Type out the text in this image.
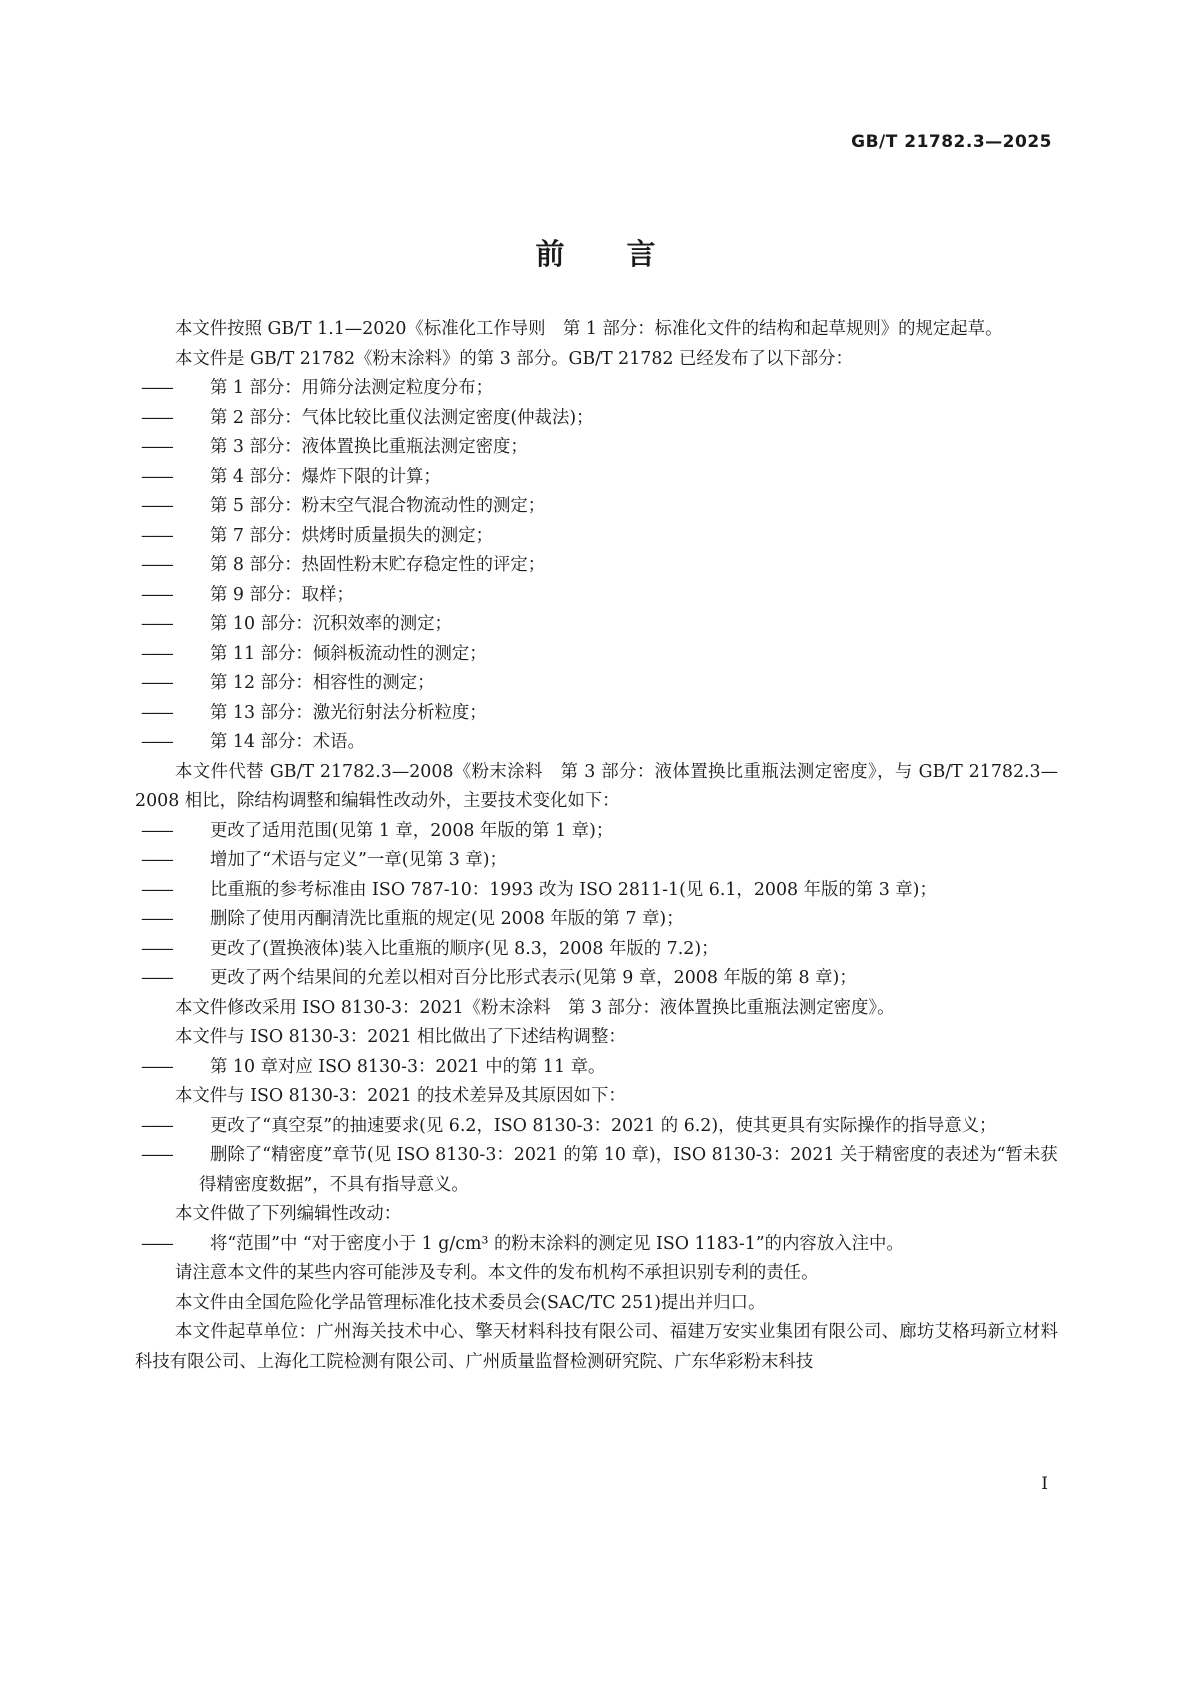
GB/T 21782.3—2025
前言

本文件按照 GB/T 1.1—2020《标准化工作导则　第 1 部分：标准化文件的结构和起草规则》的规定起草。

本文件是 GB/T 21782《粉末涂料》的第 3 部分。GB/T 21782 已经发布了以下部分：

—— 第 1 部分：用筛分法测定粒度分布；

—— 第 2 部分：气体比较比重仪法测定密度(仲裁法)；

—— 第 3 部分：液体置换比重瓶法测定密度；

—— 第 4 部分：爆炸下限的计算；

—— 第 5 部分：粉末空气混合物流动性的测定；

—— 第 7 部分：烘烤时质量损失的测定；

—— 第 8 部分：热固性粉末贮存稳定性的评定；

—— 第 9 部分：取样；

—— 第 10 部分：沉积效率的测定；

—— 第 11 部分：倾斜板流动性的测定；

—— 第 12 部分：相容性的测定；

—— 第 13 部分：激光衍射法分析粒度；

—— 第 14 部分：术语。

本文件代替 GB/T 21782.3—2008《粉末涂料　第 3 部分：液体置换比重瓶法测定密度》，与 GB/T 21782.3—2008 相比，除结构调整和编辑性改动外，主要技术变化如下：

—— 更改了适用范围(见第 1 章，2008 年版的第 1 章)；

—— 增加了“术语与定义”一章(见第 3 章)；

—— 比重瓶的参考标准由 ISO 787-10：1993 改为 ISO 2811-1(见 6.1，2008 年版的第 3 章)；

—— 删除了使用丙酮清洗比重瓶的规定(见 2008 年版的第 7 章)；

—— 更改了(置换液体)装入比重瓶的顺序(见 8.3，2008 年版的 7.2)；

—— 更改了两个结果间的允差以相对百分比形式表示(见第 9 章，2008 年版的第 8 章)；

本文件修改采用 ISO 8130-3：2021《粉末涂料　第 3 部分：液体置换比重瓶法测定密度》。

本文件与 ISO 8130-3：2021 相比做出了下述结构调整：

—— 第 10 章对应 ISO 8130-3：2021 中的第 11 章。

本文件与 ISO 8130-3：2021 的技术差异及其原因如下：

—— 更改了“真空泵”的抽速要求(见 6.2，ISO 8130-3：2021 的 6.2)，使其更具有实际操作的指导意义；

—— 删除了“精密度”章节(见 ISO 8130-3：2021 的第 10 章)，ISO 8130-3：2021 关于精密度的表述为“暂未获得精密度数据”，不具有指导意义。

本文件做了下列编辑性改动：

—— 将“范围”中 “对于密度小于 1 g/cm³ 的粉末涂料的测定见 ISO 1183-1”的内容放入注中。

请注意本文件的某些内容可能涉及专利。本文件的发布机构不承担识别专利的责任。

本文件由全国危险化学品管理标准化技术委员会(SAC/TC 251)提出并归口。

本文件起草单位：广州海关技术中心、擎天材料科技有限公司、福建万安实业集团有限公司、廊坊艾格玛新立材料科技有限公司、上海化工院检测有限公司、广州质量监督检测研究院、广东华彩粉末科技

I
